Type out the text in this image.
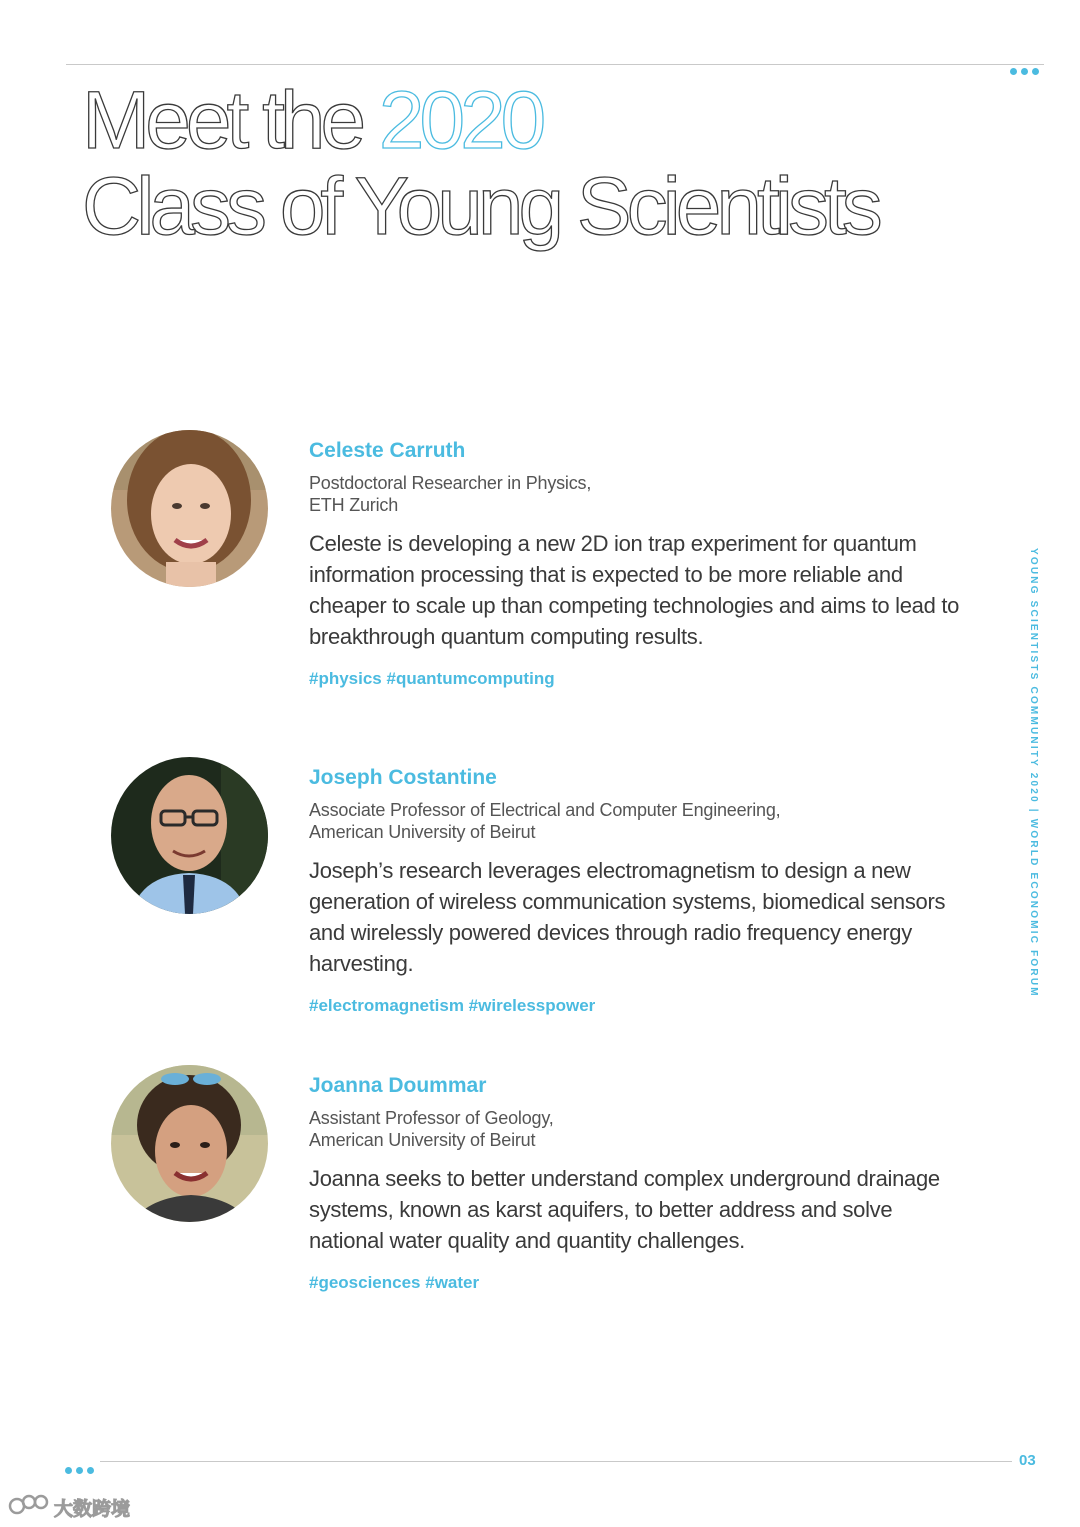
Meet the 2020
Class of Young Scientists
Celeste Carruth
Postdoctoral Researcher in Physics,
ETH Zurich
Celeste is developing a new 2D ion trap experiment for quantum information processing that is expected to be more reliable and cheaper to scale up than competing technologies and aims to lead to breakthrough quantum computing results.
#physics #quantumcomputing
Joseph Costantine
Associate Professor of Electrical and Computer Engineering,
American University of Beirut
Joseph’s research leverages electromagnetism to design a new generation of wireless communication systems, biomedical sensors and wirelessly powered devices through radio frequency energy harvesting.
#electromagnetism #wirelesspower
Joanna Doummar
Assistant Professor of Geology,
American University of Beirut
Joanna seeks to better understand complex underground drainage systems, known as karst aquifers, to better address and solve national water quality and quantity challenges.
#geosciences #water
YOUNG SCIENTISTS COMMUNITY 2020 | WORLD ECONOMIC FORUM
03
大数跨境
